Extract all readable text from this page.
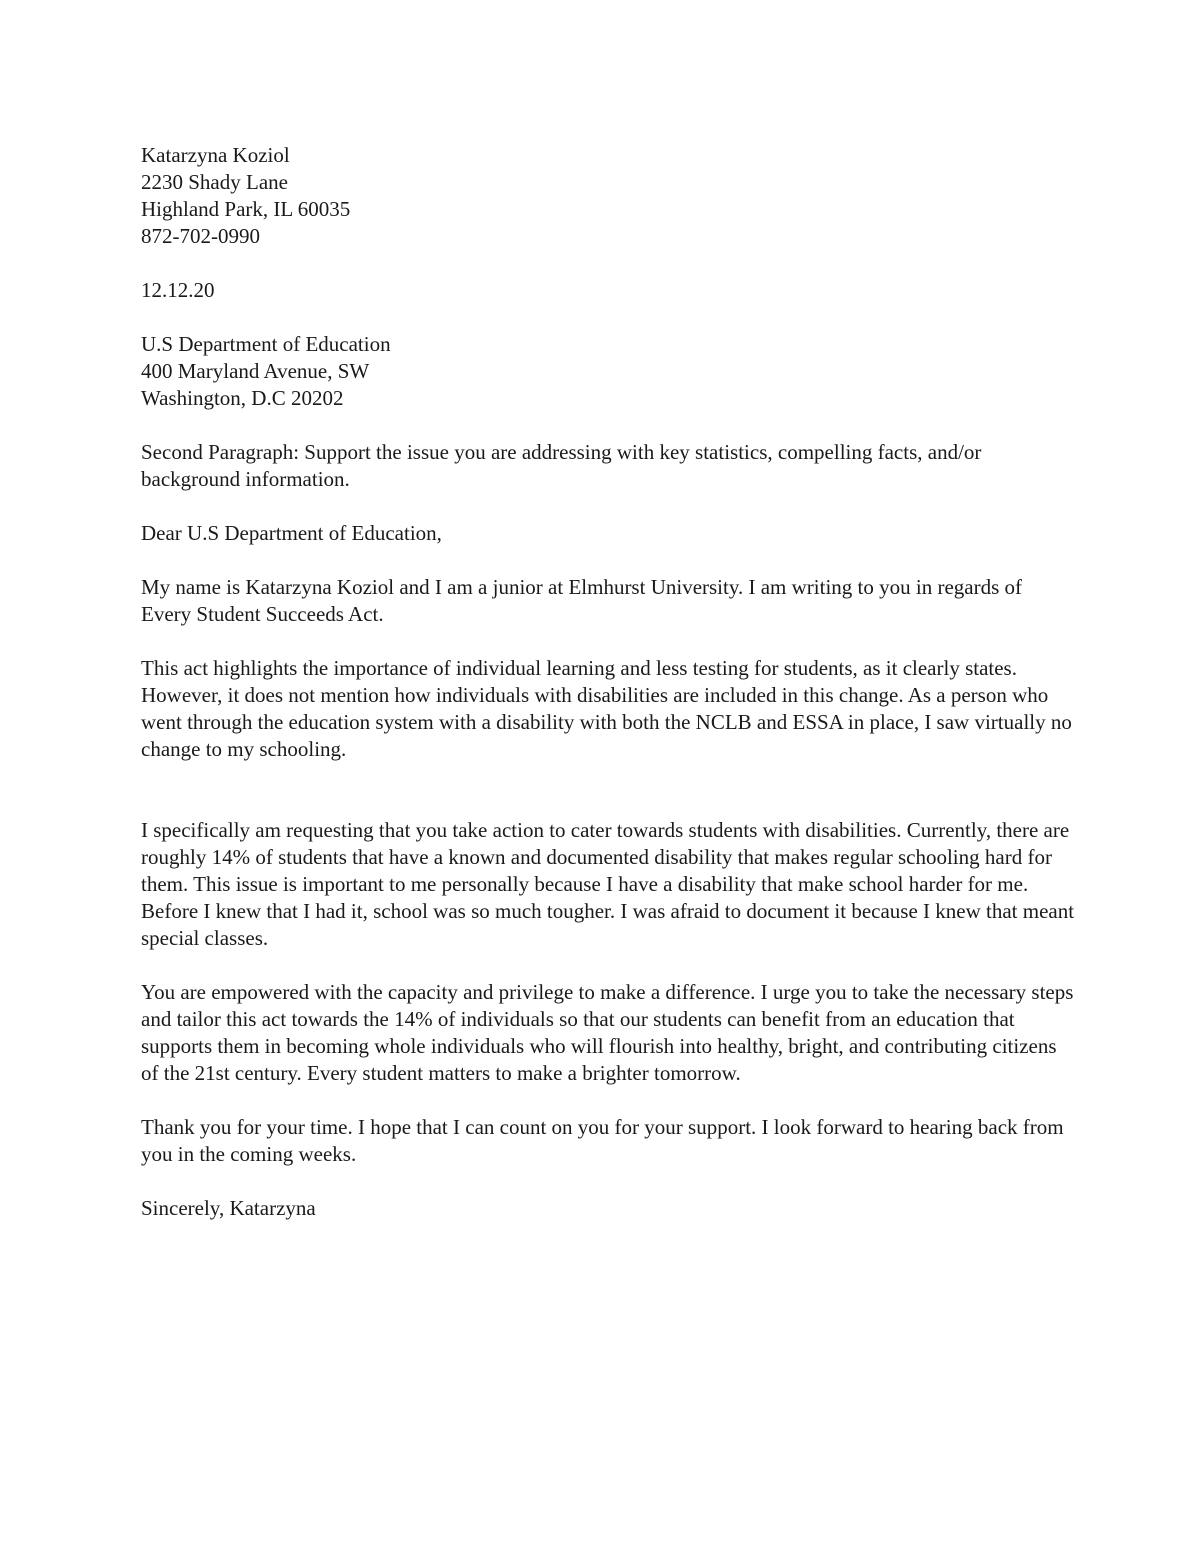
Katarzyna Koziol

2230 Shady Lane

Highland Park, IL 60035

872-702-0990

12.12.20

U.S Department of Education

400 Maryland Avenue, SW

Washington, D.C 20202

Second Paragraph: Support the issue you are addressing with key statistics, compelling facts, and/or background information.

Dear U.S Department of Education,

My name is Katarzyna Koziol and I am a junior at Elmhurst University. I am writing to you in regards of Every Student Succeeds Act.

This act highlights the importance of individual learning and less testing for students, as it clearly states. However, it does not mention how individuals with disabilities are included in this change. As a person who went through the education system with a disability with both the NCLB and ESSA in place, I saw virtually no change to my schooling.

I specifically am requesting that you take action to cater towards students with disabilities. Currently, there are roughly 14% of students that have a known and documented disability that makes regular schooling hard for them. This issue is important to me personally because I have a disability that make school harder for me. Before I knew that I had it, school was so much tougher. I was afraid to document it because I knew that meant special classes.

You are empowered with the capacity and privilege to make a difference. I urge you to take the necessary steps and tailor this act towards the 14% of individuals so that our students can benefit from an education that supports them in becoming whole individuals who will flourish into healthy, bright, and contributing citizens of the 21st century. Every student matters to make a brighter tomorrow.

Thank you for your time. I hope that I can count on you for your support. I look forward to hearing back from you in the coming weeks.

Sincerely, Katarzyna
